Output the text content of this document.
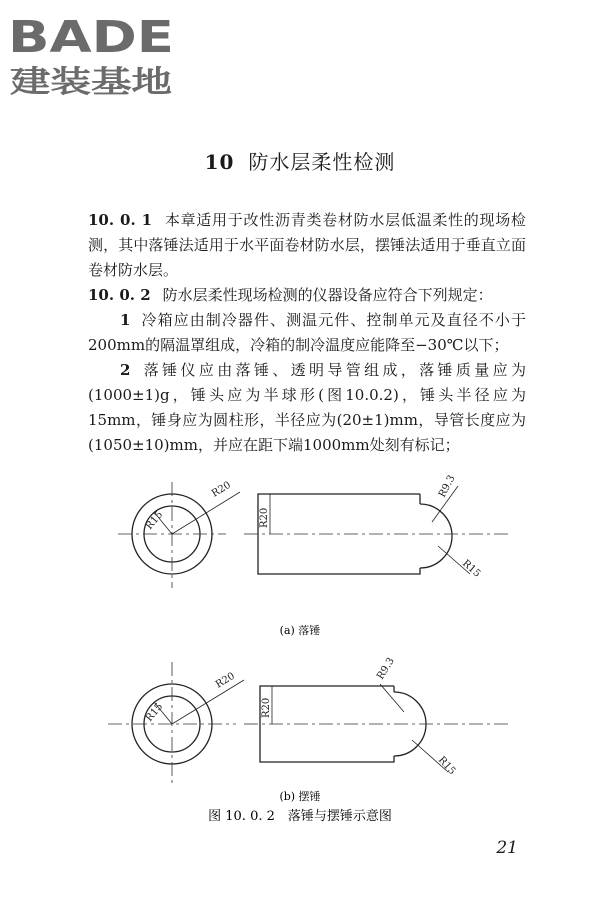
BADE
建装基地
10 防水层柔性检测

10. 0. 1 本章适用于改性沥青类卷材防水层低温柔性的现场检测，其中落锤法适用于水平面卷材防水层，摆锤法适用于垂直立面卷材防水层。

10. 0. 2 防水层柔性现场检测的仪器设备应符合下列规定：

1 冷箱应由制冷器件、测温元件、控制单元及直径不小于200mm的隔温罩组成，冷箱的制冷温度应能降至−30℃以下；

2 落锤仪应由落锤、透明导管组成，落锤质量应为(1000±1)g，锤头应为半球形(图10.0.2)，锤头半径应为15mm，锤身应为圆柱形，半径应为(20±1)mm，导管长度应为(1050±10)mm，并应在距下端1000mm处刻有标记；

R20
R15	R20
R9.3
R15
R20
R15	R20
R9.3
R15
(a) 落锤
(b) 摆锤
图 10. 0. 2　落锤与摆锤示意图
21
